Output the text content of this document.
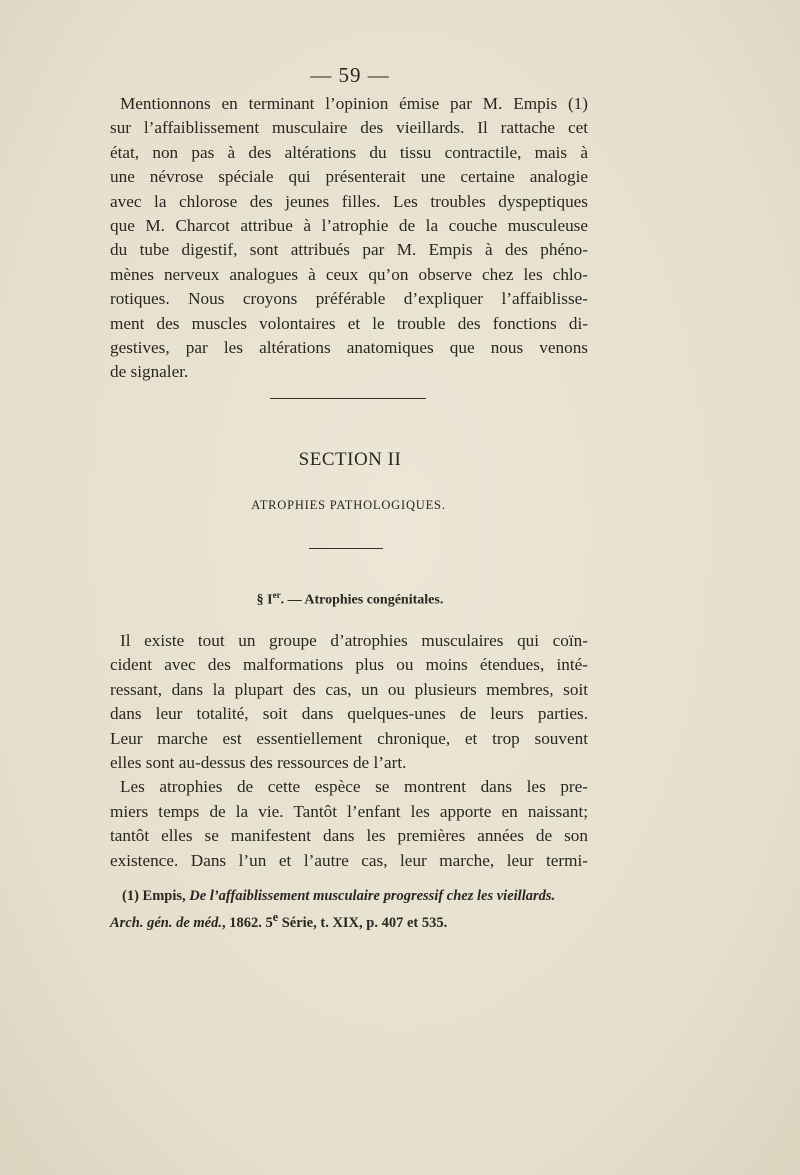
— 59 —
Mentionnons en terminant l’opinion émise par M. Empis (1)
sur l’affaiblissement musculaire des vieillards. Il rattache cet
état, non pas à des altérations du tissu contractile, mais à
une névrose spéciale qui présenterait une certaine analogie
avec la chlorose des jeunes filles. Les troubles dyspeptiques
que M. Charcot attribue à l’atrophie de la couche musculeuse
du tube digestif, sont attribués par M. Empis à des phéno-
mènes nerveux analogues à ceux qu’on observe chez les chlo-
rotiques. Nous croyons préférable d’expliquer l’affaiblisse-
ment des muscles volontaires et le trouble des fonctions di-
gestives, par les altérations anatomiques que nous venons
de signaler.
SECTION II
ATROPHIES PATHOLOGIQUES.
§ Ier. — Atrophies congénitales.
Il existe tout un groupe d’atrophies musculaires qui coïn-
cident avec des malformations plus ou moins étendues, inté-
ressant, dans la plupart des cas, un ou plusieurs membres, soit
dans leur totalité, soit dans quelques-unes de leurs parties.
Leur marche est essentiellement chronique, et trop souvent
elles sont au-dessus des ressources de l’art.
Les atrophies de cette espèce se montrent dans les pre-
miers temps de la vie. Tantôt l’enfant les apporte en naissant;
tantôt elles se manifestent dans les premières années de son
existence. Dans l’un et l’autre cas, leur marche, leur termi-
(1) Empis, De l’affaiblissement musculaire progressif chez les vieillards.
Arch. gén. de méd., 1862. 5e Série, t. XIX, p. 407 et 535.
